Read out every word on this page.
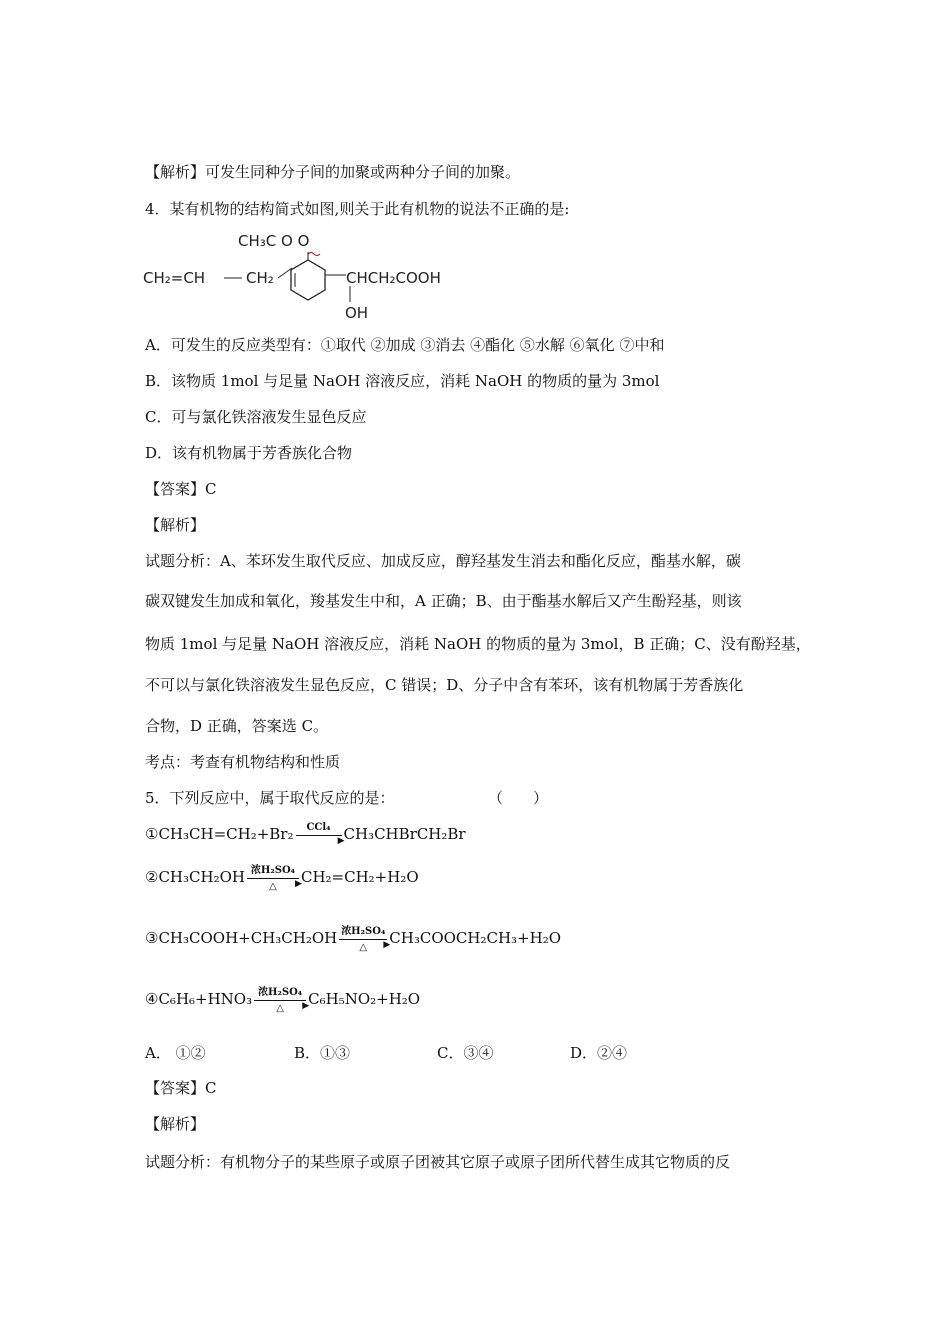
【解析】可发生同种分子间的加聚或两种分子间的加聚。
4．某有机物的结构简式如图,则关于此有机物的说法不正确的是:
CH₃C O O
CH₂=CH	CH₂	CHCH₂COOH
OH
A．可发生的反应类型有：①取代 ②加成 ③消去 ④酯化 ⑤水解 ⑥氧化 ⑦中和
B．该物质 1mol 与足量 NaOH 溶液反应，消耗 NaOH 的物质的量为 3mol
C．可与氯化铁溶液发生显色反应
D．该有机物属于芳香族化合物
【答案】C
【解析】
试题分析：A、苯环发生取代反应、加成反应，醇羟基发生消去和酯化反应，酯基水解，碳
碳双键发生加成和氧化，羧基发生中和，A 正确；B、由于酯基水解后又产生酚羟基，则该
物质 1mol 与足量 NaOH 溶液反应，消耗 NaOH 的物质的量为 3mol，B 正确；C、没有酚羟基，
不可以与氯化铁溶液发生显色反应，C 错误；D、分子中含有苯环，该有机物属于芳香族化
合物，D 正确，答案选 C。
考点：考查有机物结构和性质
5．下列反应中，属于取代反应的是：	（　　）
①CH₃CH=CH₂+Br₂	CCl₄
▶ CH₃CHBrCH₂Br
②CH₃CH₂OH 浓H₂SO₄
▶
△
CH₂=CH₂+H₂O
③CH₃COOH+CH₃CH₂OH 浓H₂SO₄
▶
△
CH₃COOCH₂CH₃+H₂O
④C₆H₆+HNO₃ 浓H₂SO₄
▶
△
C₆H₅NO₂+H₂O
A． ①②	B．①③	C．③④	D．②④
【答案】C
【解析】
试题分析：有机物分子的某些原子或原子团被其它原子或原子团所代替生成其它物质的反
